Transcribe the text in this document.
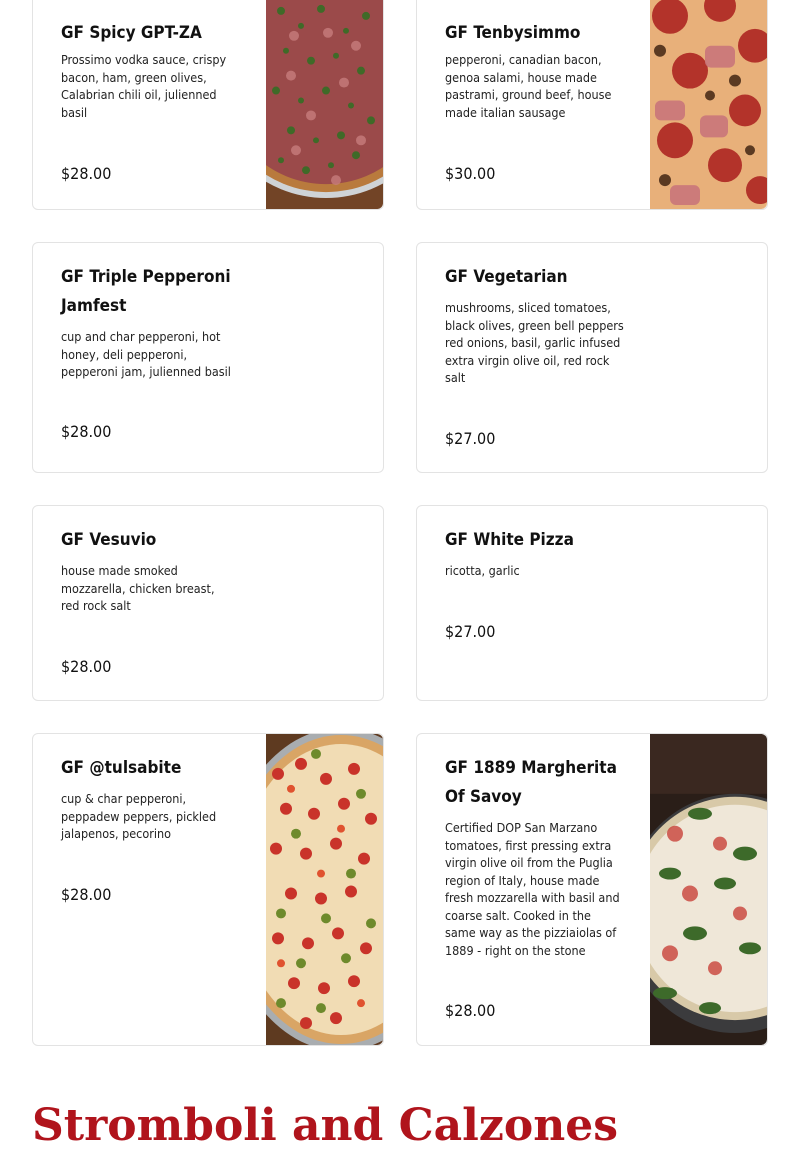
GF Spicy GPT-ZA

Prossimo vodka sauce, crispy bacon, ham, green olives, Calabrian chili oil, julienned basil

$28.00

GF Tenbysimmo

pepperoni, canadian bacon, genoa salami, house made pastrami, ground beef, house made italian sausage

$30.00

GF Triple Pepperoni Jamfest

cup and char pepperoni, hot honey, deli pepperoni, pepperoni jam, julienned basil

$28.00

GF Vegetarian

mushrooms, sliced tomatoes, black olives, green bell peppers red onions, basil, garlic infused extra virgin olive oil, red rock salt

$27.00

GF Vesuvio

house made smoked mozzarella, chicken breast, red rock salt

$28.00

GF White Pizza

ricotta, garlic

$27.00

GF @tulsabite

cup & char pepperoni, peppadew peppers, pickled jalapenos, pecorino

$28.00

GF 1889 Margherita Of Savoy

Certified DOP San Marzano tomatoes, first pressing extra virgin olive oil from the Puglia region of Italy, house made fresh mozzarella with basil and coarse salt. Cooked in the same way as the pizziaiolas of 1889 - right on the stone

$28.00
Stromboli and Calzones
